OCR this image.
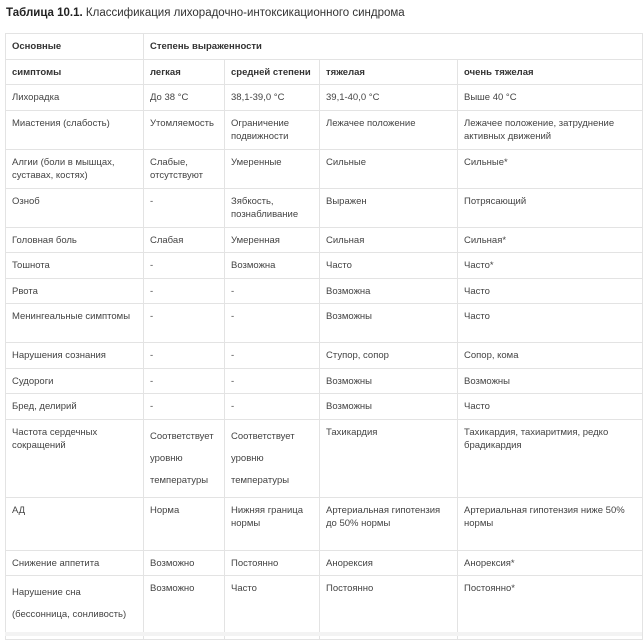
Таблица 10.1. Классификация лихорадочно-интоксикационного синдрома
Основные	Степень выраженности			
симптомы	легкая	средней степени	тяжелая	очень тяжелая
Лихорадка	До 38 °С	38,1-39,0 °С	39,1-40,0 °С	Выше 40 °С
Миастения (слабость)	Утомляемость	Ограничение подвижности	Лежачее положение	Лежачее положение, затруднение активных движений
Алгии (боли в мышцах, суставах, костях)	Слабые, отсутствуют	Умеренные	Сильные	Сильные*
Озноб	-	Зябкость, познабливание	Выражен	Потрясающий
Головная боль	Слабая	Умеренная	Сильная	Сильная*
Тошнота	-	Возможна	Часто	Часто*
Рвота	-	-	Возможна	Часто
Менингеальные симптомы	-	-	Возможны	Часто
Нарушения сознания	-	-	Ступор, сопор	Сопор, кома
Судороги	-	-	Возможны	Возможны
Бред, делирий	-	-	Возможны	Часто
Частота сердечных сокращений	Соответствует уровню температуры	Соответствует уровню температуры	Тахикардия	Тахикардия, тахиаритмия, редко брадикардия
АД	Норма	Нижняя граница нормы	Артериальная гипотензия до 50% нормы	Артериальная гипотензия ниже 50% нормы
Снижение аппетита	Возможно	Постоянно	Анорексия	Анорексия*
Нарушение сна (бессонница, сонливость)	Возможно	Часто	Постоянно	Постоянно*
